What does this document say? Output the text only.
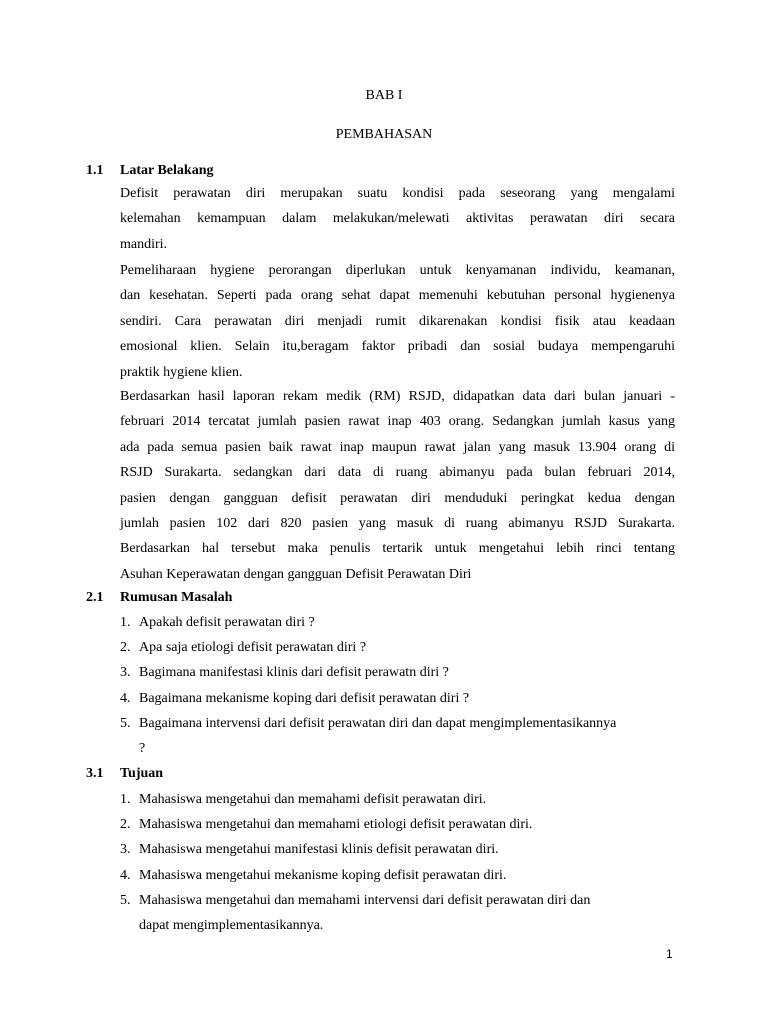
BAB I
PEMBAHASAN
1.1 Latar Belakang
Defisit perawatan diri merupakan suatu kondisi pada seseorang yang mengalami
kelemahan kemampuan dalam melakukan/melewati aktivitas perawatan diri secara
mandiri.
Pemeliharaan hygiene perorangan diperlukan untuk kenyamanan individu, keamanan,
dan kesehatan. Seperti pada orang sehat dapat memenuhi kebutuhan personal hygienenya
sendiri. Cara perawatan diri menjadi rumit dikarenakan kondisi fisik atau keadaan
emosional klien. Selain itu,beragam faktor pribadi dan sosial budaya mempengaruhi
praktik hygiene klien.
Berdasarkan hasil laporan rekam medik (RM) RSJD, didapatkan data dari bulan januari -
februari 2014 tercatat jumlah pasien rawat inap 403 orang. Sedangkan jumlah kasus yang
ada pada semua pasien baik rawat inap maupun rawat jalan yang masuk 13.904 orang di
RSJD Surakarta. sedangkan dari data di ruang abimanyu pada bulan februari 2014,
pasien dengan gangguan defisit perawatan diri menduduki peringkat kedua dengan
jumlah pasien 102 dari 820 pasien yang masuk di ruang abimanyu RSJD Surakarta.
Berdasarkan hal tersebut maka penulis tertarik untuk mengetahui lebih rinci tentang
Asuhan Keperawatan dengan gangguan Defisit Perawatan Diri
2.1 Rumusan Masalah
1. Apakah defisit perawatan diri ?
2. Apa saja etiologi defisit perawatan diri ?
3. Bagimana manifestasi klinis dari defisit perawatn diri ?
4. Bagaimana mekanisme koping dari defisit perawatan diri ?
5. Bagaimana intervensi dari defisit perawatan diri dan dapat mengimplementasikannya
?
3.1 Tujuan
1. Mahasiswa mengetahui dan memahami defisit perawatan diri.
2. Mahasiswa mengetahui dan memahami etiologi defisit perawatan diri.
3. Mahasiswa mengetahui manifestasi klinis defisit perawatan diri.
4. Mahasiswa mengetahui mekanisme koping defisit perawatan diri.
5. Mahasiswa mengetahui dan memahami intervensi dari defisit perawatan diri dan
dapat mengimplementasikannya.
1
